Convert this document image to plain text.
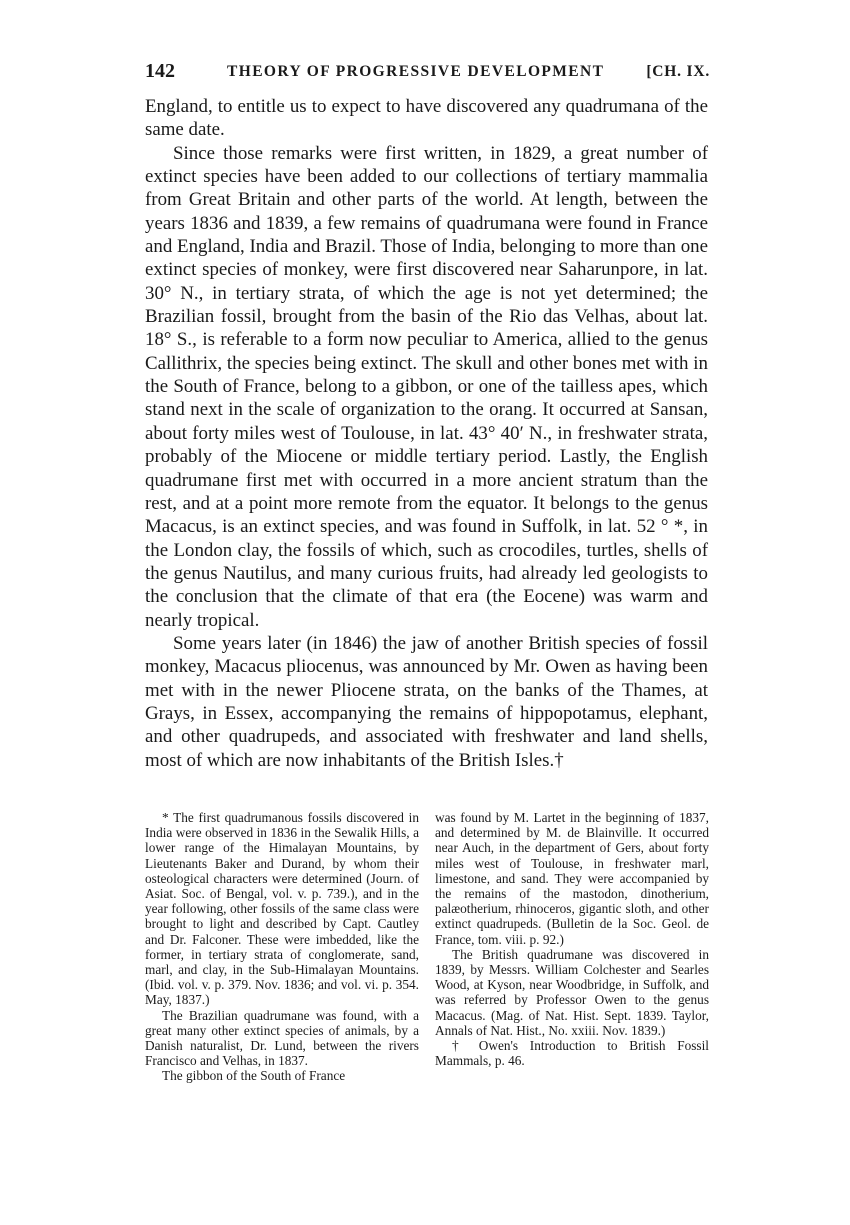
142	THEORY OF PROGRESSIVE DEVELOPMENT	[CH. IX.

England, to entitle us to expect to have discovered any quadrumana of the same date.

Since those remarks were first written, in 1829, a great number of extinct species have been added to our collections of tertiary mammalia from Great Britain and other parts of the world. At length, between the years 1836 and 1839, a few remains of quadrumana were found in France and England, India and Brazil. Those of India, belonging to more than one extinct species of monkey, were first discovered near Saharunpore, in lat. 30° N., in tertiary strata, of which the age is not yet determined; the Brazilian fossil, brought from the basin of the Rio das Velhas, about lat. 18° S., is referable to a form now peculiar to America, allied to the genus Callithrix, the species being extinct. The skull and other bones met with in the South of France, belong to a gibbon, or one of the tailless apes, which stand next in the scale of organization to the orang. It occurred at Sansan, about forty miles west of Toulouse, in lat. 43° 40′ N., in freshwater strata, probably of the Miocene or middle tertiary period. Lastly, the English quadrumane first met with occurred in a more ancient stratum than the rest, and at a point more remote from the equator. It belongs to the genus Macacus, is an extinct species, and was found in Suffolk, in lat. 52 ° *, in the London clay, the fossils of which, such as crocodiles, turtles, shells of the genus Nautilus, and many curious fruits, had already led geologists to the conclusion that the climate of that era (the Eocene) was warm and nearly tropical.

Some years later (in 1846) the jaw of another British species of fossil monkey, Macacus pliocenus, was announced by Mr. Owen as having been met with in the newer Pliocene strata, on the banks of the Thames, at Grays, in Essex, accompanying the remains of hippopotamus, elephant, and other quadrupeds, and associated with freshwater and land shells, most of which are now inhabitants of the British Isles.†

* The first quadrumanous fossils discovered in India were observed in 1836 in the Sewalik Hills, a lower range of the Himalayan Mountains, by Lieutenants Baker and Durand, by whom their osteological characters were determined (Journ. of Asiat. Soc. of Bengal, vol. v. p. 739.), and in the year following, other fossils of the same class were brought to light and described by Capt. Cautley and Dr. Falconer. These were imbedded, like the former, in tertiary strata of conglomerate, sand, marl, and clay, in the Sub-Himalayan Mountains. (Ibid. vol. v. p. 379. Nov. 1836; and vol. vi. p. 354. May, 1837.)

The Brazilian quadrumane was found, with a great many other extinct species of animals, by a Danish naturalist, Dr. Lund, between the rivers Francisco and Velhas, in 1837.

The gibbon of the South of France

was found by M. Lartet in the beginning of 1837, and determined by M. de Blainville. It occurred near Auch, in the department of Gers, about forty miles west of Toulouse, in freshwater marl, limestone, and sand. They were accompanied by the remains of the mastodon, dinotherium, palæotherium, rhinoceros, gigantic sloth, and other extinct quadrupeds. (Bulletin de la Soc. Geol. de France, tom. viii. p. 92.)

The British quadrumane was discovered in 1839, by Messrs. William Colchester and Searles Wood, at Kyson, near Woodbridge, in Suffolk, and was referred by Professor Owen to the genus Macacus. (Mag. of Nat. Hist. Sept. 1839. Taylor, Annals of Nat. Hist., No. xxiii. Nov. 1839.)

† Owen's Introduction to British Fossil Mammals, p. 46.
